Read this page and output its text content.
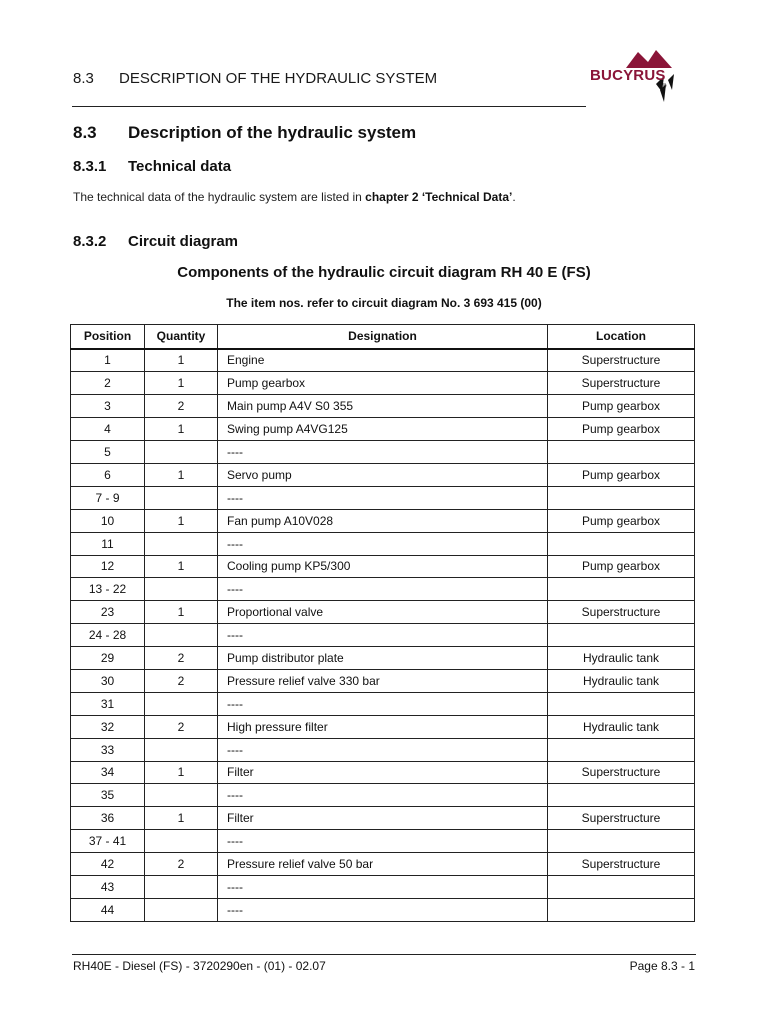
8.3 DESCRIPTION OF THE HYDRAULIC SYSTEM	BUCYRUS
®
8.3 Description of the hydraulic system
8.3.1 Technical data
The technical data of the hydraulic system are listed in chapter 2 ‘Technical Data’.
8.3.2 Circuit diagram
Components of the hydraulic circuit diagram RH 40 E (FS)
The item nos. refer to circuit diagram No. 3 693 415 (00)
Position	Quantity	Designation	Location
1	1	Engine	Superstructure
2	1	Pump gearbox	Superstructure
3	2	Main pump A4V S0 355	Pump gearbox
4	1	Swing pump A4VG125	Pump gearbox
5		----	
6	1	Servo pump	Pump gearbox
7 - 9		----	
10	1	Fan pump A10V028	Pump gearbox
11		----	
12	1	Cooling pump KP5/300	Pump gearbox
13 - 22		----	
23	1	Proportional valve	Superstructure
24 - 28		----	
29	2	Pump distributor plate	Hydraulic tank
30	2	Pressure relief valve 330 bar	Hydraulic tank
31		----	
32	2	High pressure filter	Hydraulic tank
33		----	
34	1	Filter	Superstructure
35		----	
36	1	Filter	Superstructure
37 - 41		----	
42	2	Pressure relief valve 50 bar	Superstructure
43		----	
44		----	
RH40E - Diesel (FS) - 3720290en - (01) - 02.07	Page 8.3 - 1
